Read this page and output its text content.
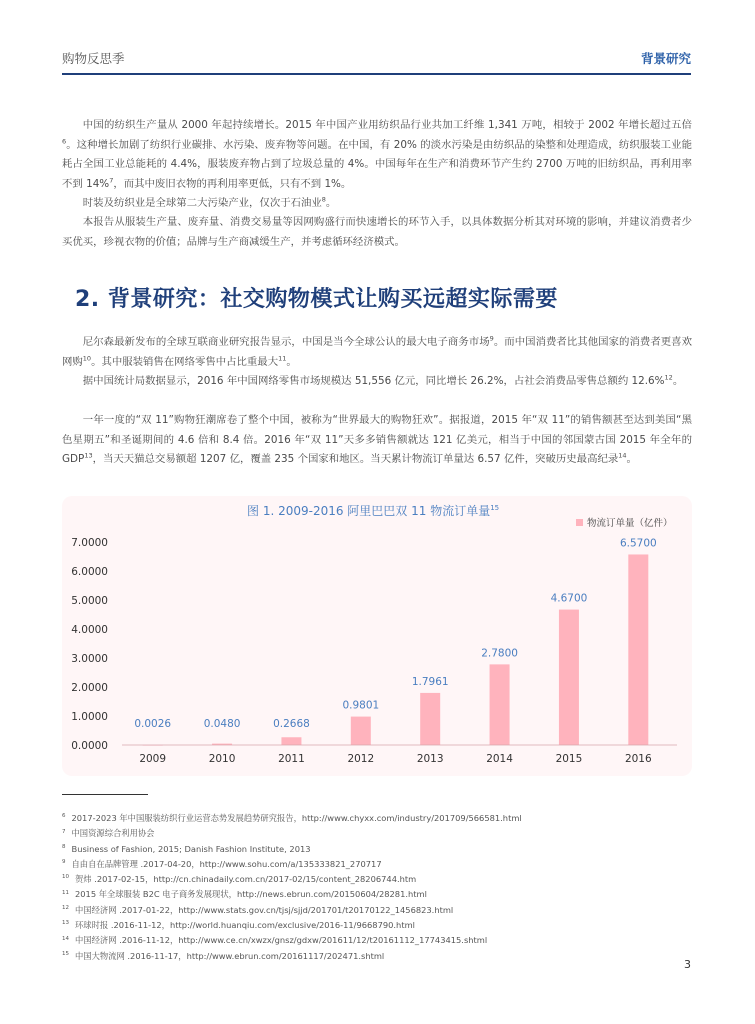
购物反思季	背景研究

中国的纺织生产量从 2000 年起持续增长。2015 年中国产业用纺织品行业共加工纤维 1,341 万吨，相较于 2002 年增长超过五倍$^6$。这种增长加剧了纺织行业碳排、水污染、废弃物等问题。在中国，有 20% 的淡水污染是由纺织品的染整和处理造成，纺织服装工业能耗占全国工业总能耗的 4.4%，服装废弃物占到了垃圾总量的 4%。中国每年在生产和消费环节产生约 2700 万吨的旧纺织品，再利用率不到 14%$^7$，而其中废旧衣物的再利用率更低，只有不到 1%。

时装及纺织业是全球第二大污染产业，仅次于石油业$^8$。

本报告从服装生产量、废弃量、消费交易量等因网购盛行而快速增长的环节入手，以具体数据分析其对环境的影响，并建议消费者少买优买，珍视衣物的价值；品牌与生产商减缓生产，并考虑循环经济模式。

2. 背景研究：社交购物模式让购买远超实际需要

尼尔森最新发布的全球互联商业研究报告显示，中国是当今全球公认的最大电子商务市场$^9$。而中国消费者比其他国家的消费者更喜欢网购$^{10}$。其中服装销售在网络零售中占比重最大$^{11}$。

据中国统计局数据显示，2016 年中国网络零售市场规模达 51,556 亿元，同比增长 26.2%，占社会消费品零售总额约 12.6%$^{12}$。

一年一度的“双 11”购物狂潮席卷了整个中国，被称为“世界最大的购物狂欢”。据报道，2015 年“双 11”的销售额甚至达到美国“黑色星期五”和圣诞期间的 4.6 倍和 8.4 倍。2016 年“双 11”天多多销售额就达 121 亿美元，相当于中国的邻国蒙古国 2015 年全年的 GDP$^{13}$，当天天猫总交易额超 1207 亿，覆盖 235 个国家和地区。当天累计物流订单量达 6.57 亿件，突破历史最高纪录$^{14}$。

图 1. 2009-2016 阿里巴巴双 11 物流订单量$^{15}$
物流订单量（亿件）
0.0000
1.0000
2.0000
3.0000
4.0000
5.0000
6.0000
7.0000
0.0026	0.0480	0.2668
0.9801
1.7961
2.7800
4.6700
6.5700
2009	2010	2011	2012	2013	2014	2015	2016
$^6$ 2017-2023 年中国服装纺织行业运营态势发展趋势研究报告，http://www.chyxx.com/industry/201709/566581.html
$^7$ 中国资源综合利用协会
$^8$ Business of Fashion, 2015; Danish Fashion Institute, 2013
$^9$ 自由自在品牌管理 .2017-04-20，http://www.sohu.com/a/135333821_270717
$^{10}$ 贺炜 .2017-02-15，http://cn.chinadaily.com.cn/2017-02/15/content_28206744.htm
$^{11}$ 2015 年全球服装 B2C 电子商务发展现状，http://news.ebrun.com/20150604/28281.html
$^{12}$ 中国经济网 .2017-01-22，http://www.stats.gov.cn/tjsj/sjjd/201701/t20170122_1456823.html
$^{13}$ 环球时报 .2016-11-12，http://world.huanqiu.com/exclusive/2016-11/9668790.html
$^{14}$ 中国经济网 .2016-11-12，http://www.ce.cn/xwzx/gnsz/gdxw/201611/12/t20161112_17743415.shtml
$^{15}$ 中国大物流网 .2016-11-17，http://www.ebrun.com/20161117/202471.shtml
3
